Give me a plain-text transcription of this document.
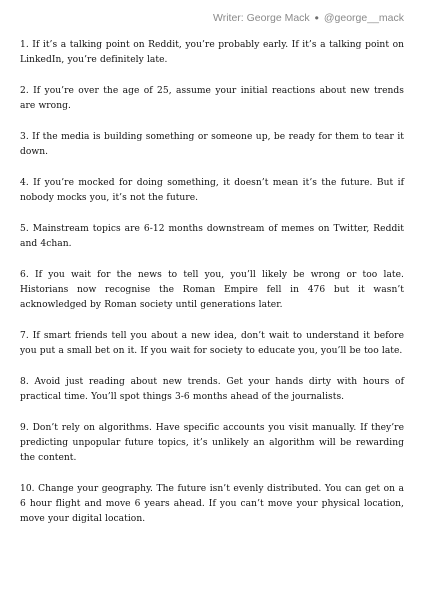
Writer: George Mack • @george__mack

1. If it’s a talking point on Reddit, you’re probably early. If it’s a talking point on LinkedIn, you’re definitely late.

2. If you’re over the age of 25, assume your initial reactions about new trends are wrong.

3. If the media is building something or someone up, be ready for them to tear it down.

4. If you’re mocked for doing something, it doesn’t mean it’s the future. But if nobody mocks you, it’s not the future.

5. Mainstream topics are 6-12 months downstream of memes on Twitter, Reddit and 4chan.

6. If you wait for the news to tell you, you’ll likely be wrong or too late. Historians now recognise the Roman Empire fell in 476 but it wasn’t acknowledged by Roman society until generations later.

7. If smart friends tell you about a new idea, don’t wait to understand it before you put a small bet on it. If you wait for society to educate you, you’ll be too late.

8. Avoid just reading about new trends. Get your hands dirty with hours of practical time. You’ll spot things 3-6 months ahead of the journalists.

9. Don’t rely on algorithms. Have specific accounts you visit manually. If they’re predicting unpopular future topics, it’s unlikely an algorithm will be rewarding the content.

10. Change your geography. The future isn’t evenly distributed. You can get on a 6 hour flight and move 6 years ahead. If you can’t move your physical location, move your digital location.
